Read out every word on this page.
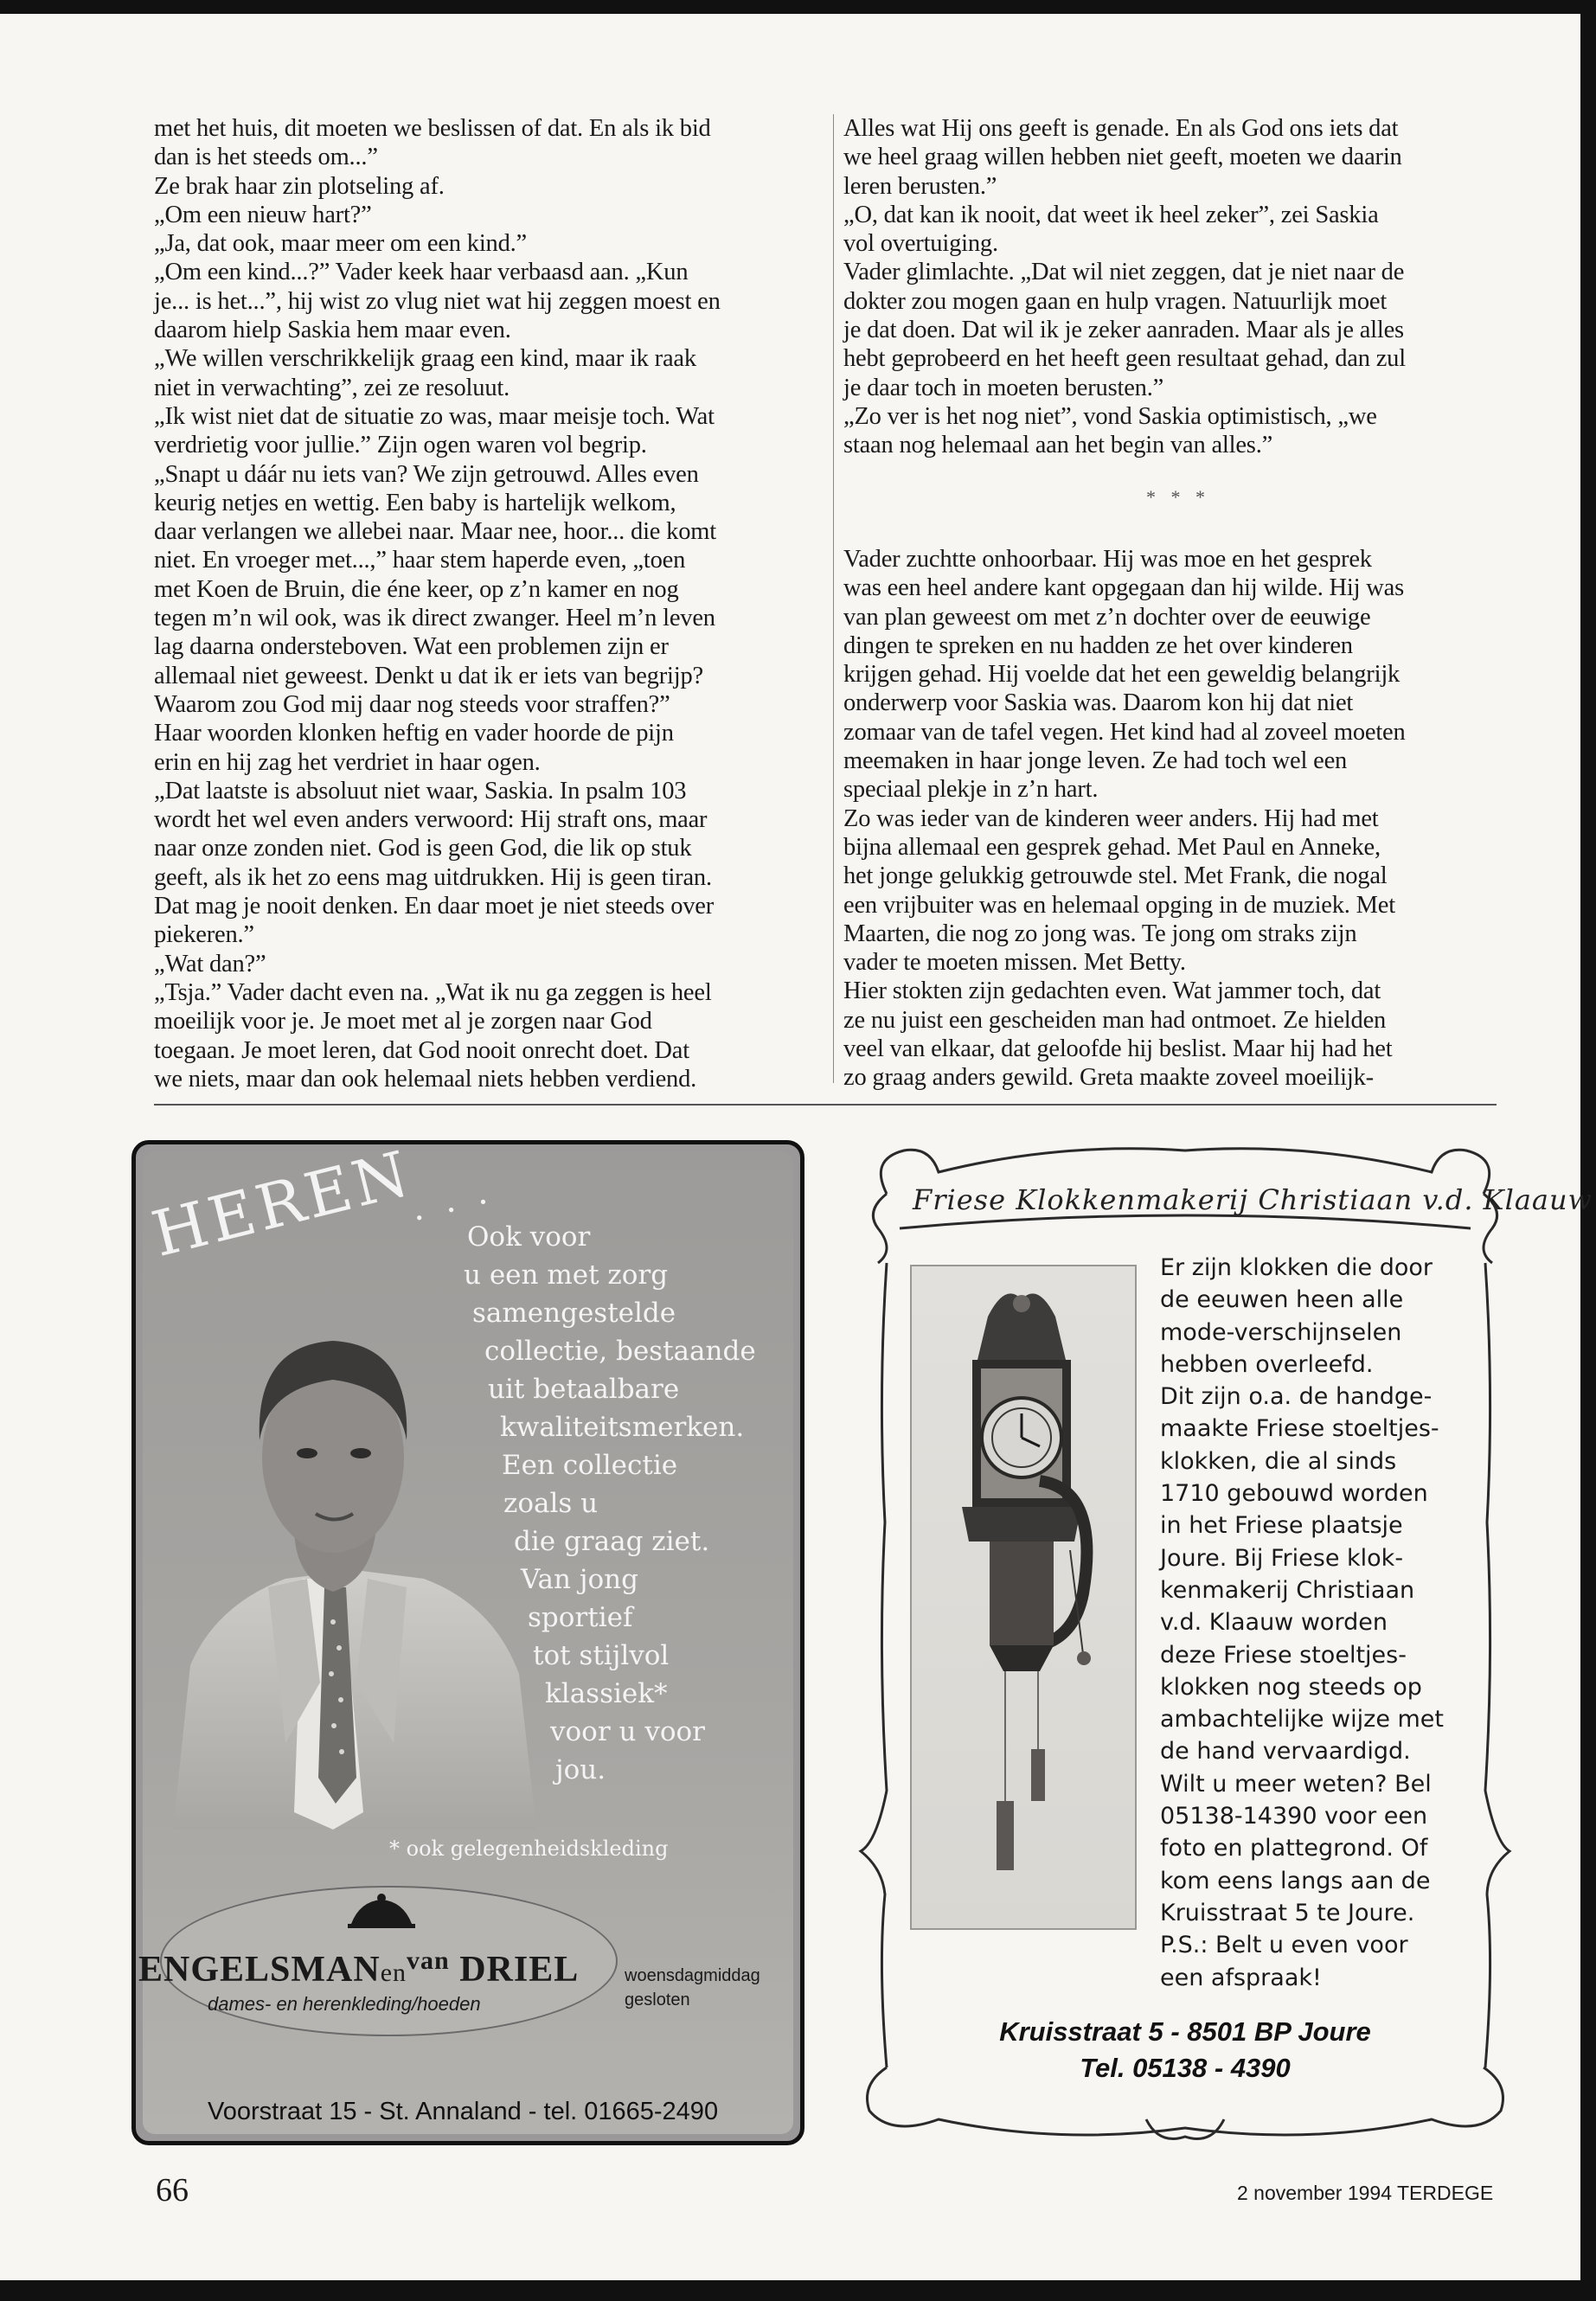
met het huis, dit moeten we beslissen of dat. En als ik bid

dan is het steeds om...”

Ze brak haar zin plotseling af.

„Om een nieuw hart?”

„Ja, dat ook, maar meer om een kind.”

„Om een kind...?” Vader keek haar verbaasd aan. „Kun

je... is het...”, hij wist zo vlug niet wat hij zeggen moest en

daarom hielp Saskia hem maar even.

„We willen verschrikkelijk graag een kind, maar ik raak

niet in verwachting”, zei ze resoluut.

„Ik wist niet dat de situatie zo was, maar meisje toch. Wat

verdrietig voor jullie.” Zijn ogen waren vol begrip.

„Snapt u dáár nu iets van? We zijn getrouwd. Alles even

keurig netjes en wettig. Een baby is hartelijk welkom,

daar verlangen we allebei naar. Maar nee, hoor... die komt

niet. En vroeger met...,” haar stem haperde even, „toen

met Koen de Bruin, die éne keer, op z’n kamer en nog

tegen m’n wil ook, was ik direct zwanger. Heel m’n leven

lag daarna ondersteboven. Wat een problemen zijn er

allemaal niet geweest. Denkt u dat ik er iets van begrijp?

Waarom zou God mij daar nog steeds voor straffen?”

Haar woorden klonken heftig en vader hoorde de pijn

erin en hij zag het verdriet in haar ogen.

„Dat laatste is absoluut niet waar, Saskia. In psalm 103

wordt het wel even anders verwoord: Hij straft ons, maar

naar onze zonden niet. God is geen God, die lik op stuk

geeft, als ik het zo eens mag uitdrukken. Hij is geen tiran.

Dat mag je nooit denken. En daar moet je niet steeds over

piekeren.”

„Wat dan?”

„Tsja.” Vader dacht even na. „Wat ik nu ga zeggen is heel

moeilijk voor je. Je moet met al je zorgen naar God

toegaan. Je moet leren, dat God nooit onrecht doet. Dat

we niets, maar dan ook helemaal niets hebben verdiend.

Alles wat Hij ons geeft is genade. En als God ons iets dat

we heel graag willen hebben niet geeft, moeten we daarin

leren berusten.”

„O, dat kan ik nooit, dat weet ik heel zeker”, zei Saskia

vol overtuiging.

Vader glimlachte. „Dat wil niet zeggen, dat je niet naar de

dokter zou mogen gaan en hulp vragen. Natuurlijk moet

je dat doen. Dat wil ik je zeker aanraden. Maar als je alles

hebt geprobeerd en het heeft geen resultaat gehad, dan zul

je daar toch in moeten berusten.”

„Zo ver is het nog niet”, vond Saskia optimistisch, „we

staan nog helemaal aan het begin van alles.”

* * *

Vader zuchtte onhoorbaar. Hij was moe en het gesprek

was een heel andere kant opgegaan dan hij wilde. Hij was

van plan geweest om met z’n dochter over de eeuwige

dingen te spreken en nu hadden ze het over kinderen

krijgen gehad. Hij voelde dat het een geweldig belangrijk

onderwerp voor Saskia was. Daarom kon hij dat niet

zomaar van de tafel vegen. Het kind had al zoveel moeten

meemaken in haar jonge leven. Ze had toch wel een

speciaal plekje in z’n hart.

Zo was ieder van de kinderen weer anders. Hij had met

bijna allemaal een gesprek gehad. Met Paul en Anneke,

het jonge gelukkig getrouwde stel. Met Frank, die nogal

een vrijbuiter was en helemaal opging in de muziek. Met

Maarten, die nog zo jong was. Te jong om straks zijn

vader te moeten missen. Met Betty.

Hier stokten zijn gedachten even. Wat jammer toch, dat

ze nu juist een gescheiden man had ontmoet. Ze hielden

veel van elkaar, dat geloofde hij beslist. Maar hij had het

zo graag anders gewild. Greta maakte zoveel moeilijk-

HEREN
. . .
Ook voor
u een met zorg
samengestelde
collectie, bestaande
uit betaalbare
kwaliteitsmerken.
Een collectie
zoals u
die graag ziet.
Van jong
sportief
tot stijlvol
klassiek*
voor u voor
jou.
* ook gelegenheidskleding
ENGELSMANen$^{van}$ DRIEL
dames- en herenkleding/hoeden
woensdagmiddag
gesloten
Voorstraat 15 - St. Annaland - tel. 01665-2490
Friese Klokkenmakerij Christiaan v.d. Klaauw
Er zijn klokken die door
de eeuwen heen alle
mode-verschijnselen
hebben overleefd.
Dit zijn o.a. de handge-
maakte Friese stoeltjes-
klokken, die al sinds
1710 gebouwd worden
in het Friese plaatsje
Joure. Bij Friese klok-
kenmakerij Christiaan
v.d. Klaauw worden
deze Friese stoeltjes-
klokken nog steeds op
ambachtelijke wijze met
de hand vervaardigd.
Wilt u meer weten? Bel
05138-14390 voor een
foto en plattegrond. Of
kom eens langs aan de
Kruisstraat 5 te Joure.
P.S.: Belt u even voor
een afspraak!
Kruisstraat 5 - 8501 BP Joure
Tel. 05138 - 4390
66	2 november 1994 TERDEGE
